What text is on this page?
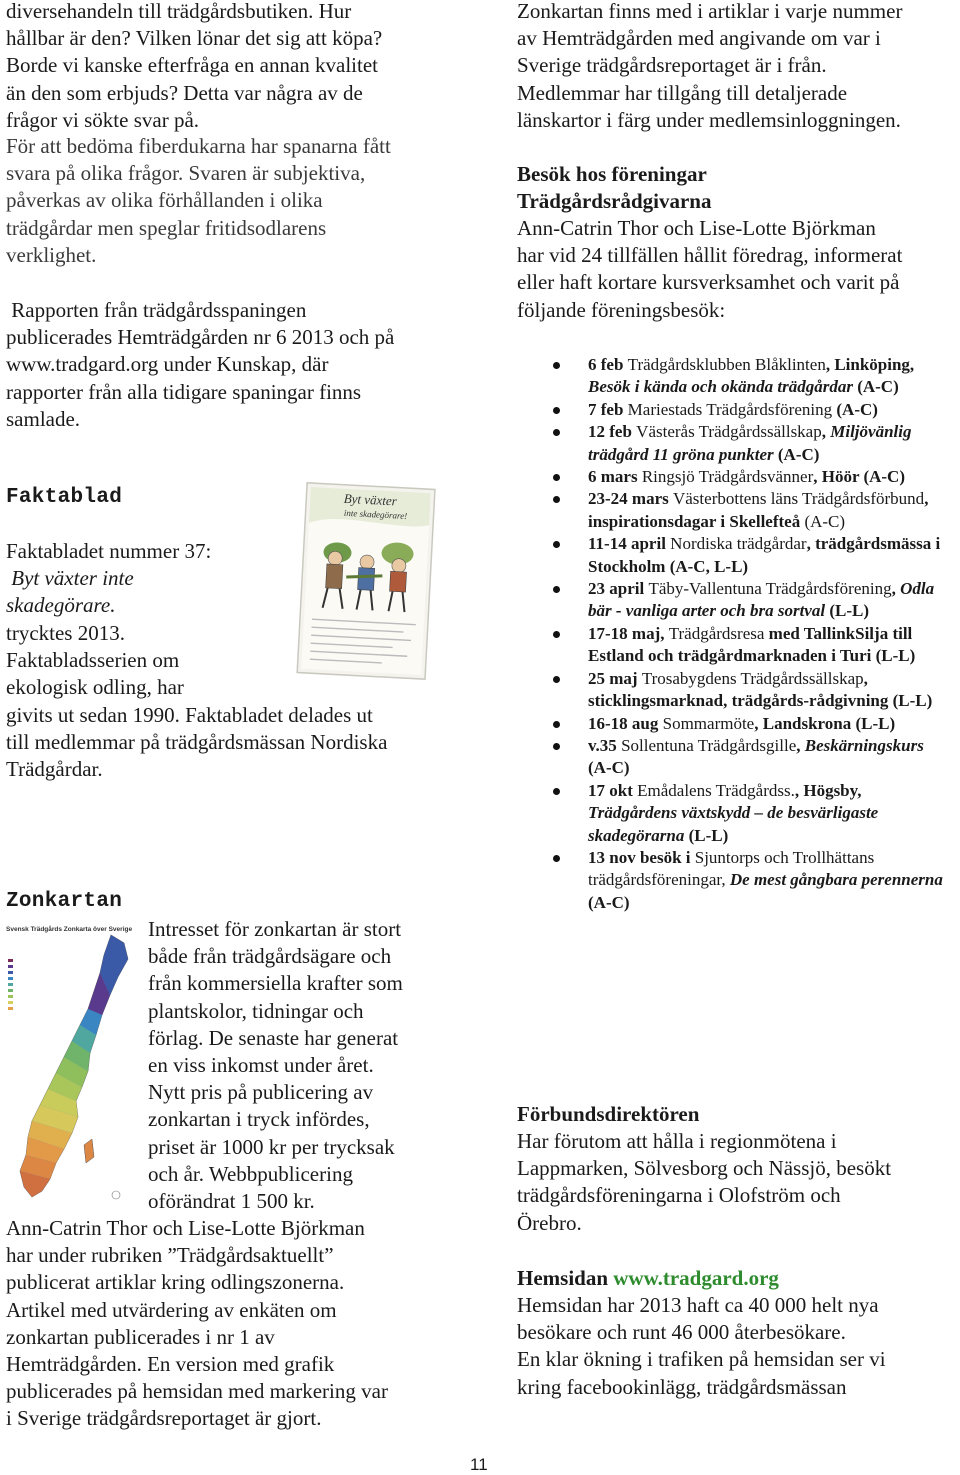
diversehandeln till trädgårdsbutiken. Hur
hållbar är den? Vilken lönar det sig att köpa?
Borde vi kanske efterfråga en annan kvalitet
än den som erbjuds? Detta var några av de
frågor vi sökte svar på.
För att bedöma fiberdukarna har spanarna fått
svara på olika frågor. Svaren är subjektiva,
påverkas av olika förhållanden i olika
trädgårdar men speglar fritidsodlarens
verklighet.
Rapporten från trädgårdsspaningen
publicerades Hemträdgården nr 6 2013 och på
www.tradgard.org under Kunskap, där
rapporter från alla tidigare spaningar finns
samlade.
Faktablad
Faktabladet nummer 37:
Byt växter inte
skadegörare.
trycktes 2013.
Faktabladsserien om
ekologisk odling, har
givits ut sedan 1990. Faktabladet delades ut
till medlemmar på trädgårdsmässan Nordiska
Trädgårdar.
Zonkartan
Intresset för zonkartan är stort
både från trädgårdsägare och
från kommersiella krafter som
plantskolor, tidningar och
förlag. De senaste har generat
en viss inkomst under året.
Nytt pris på publicering av
zonkartan i tryck infördes,
priset är 1000 kr per trycksak
och år. Webbpublicering
oförändrat 1 500 kr.
Ann-Catrin Thor och Lise-Lotte Björkman
har under rubriken ”Trädgårdsaktuellt”
publicerat artiklar kring odlingszonerna.
Artikel med utvärdering av enkäten om
zonkartan publicerades i nr 1 av
Hemträdgården. En version med grafik
publicerades på hemsidan med markering var
i Sverige trädgårdsreportaget är gjort.
Byt växter
inte skadegörare!
Svensk Trädgårds Zonkarta över Sverige
Zonkartan finns med i artiklar i varje nummer
av Hemträdgården med angivande om var i
Sverige trädgårdsreportaget är i från.
Medlemmar har tillgång till detaljerade
länskartor i färg under medlemsinloggningen.
Besök hos föreningar
Trädgårdsrådgivarna
Ann-Catrin Thor och Lise-Lotte Björkman
har vid 24 tillfällen hållit föredrag, informerat
eller haft kortare kursverksamhet och varit på
följande föreningsbesök:
Förbundsdirektören
Har förutom att hålla i regionmötena i
Lappmarken, Sölvesborg och Nässjö, besökt
trädgårdsföreningarna i Olofström och
Örebro.
Hemsidan www.tradgard.org
Hemsidan har 2013 haft ca 40 000 helt nya
besökare och runt 46 000 återbesökare.
En klar ökning i trafiken på hemsidan ser vi
kring facebookinlägg, trädgårdsmässan
6 feb Trädgårdsklubben Blåklinten, Linköping, Besök i kända och okända trädgårdar (A-C)
7 feb Mariestads Trädgårdsförening (A-C)
12 feb Västerås Trädgårdssällskap, Miljövänlig trädgård 11 gröna punkter (A-C)
6 mars Ringsjö Trädgårdsvänner, Höör (A-C)
23-24 mars Västerbottens läns Trädgårdsförbund, inspirationsdagar i Skellefteå (A-C)
11-14 april Nordiska trädgårdar, trädgårdsmässa i Stockholm (A-C, L-L)
23 april Täby-Vallentuna Trädgårdsförening, Odla bär - vanliga arter och bra sortval (L-L)
17-18 maj, Trädgårdsresa med TallinkSilja till Estland och trädgårdmarknaden i Turi (L-L)
25 maj Trosabygdens Trädgårdssällskap, sticklingsmarknad, trädgårds-rådgivning (L-L)
16-18 aug Sommarmöte, Landskrona (L-L)
v.35 Sollentuna Trädgårdsgille, Beskärningskurs (A-C)
17 okt Emådalens Trädgårdss., Högsby, Trädgårdens växtskydd – de besvärligaste skadegörarna (L-L)
13 nov besök i Sjuntorps och Trollhättans trädgårdsföreningar, De mest gångbara perennerna (A-C)
11
